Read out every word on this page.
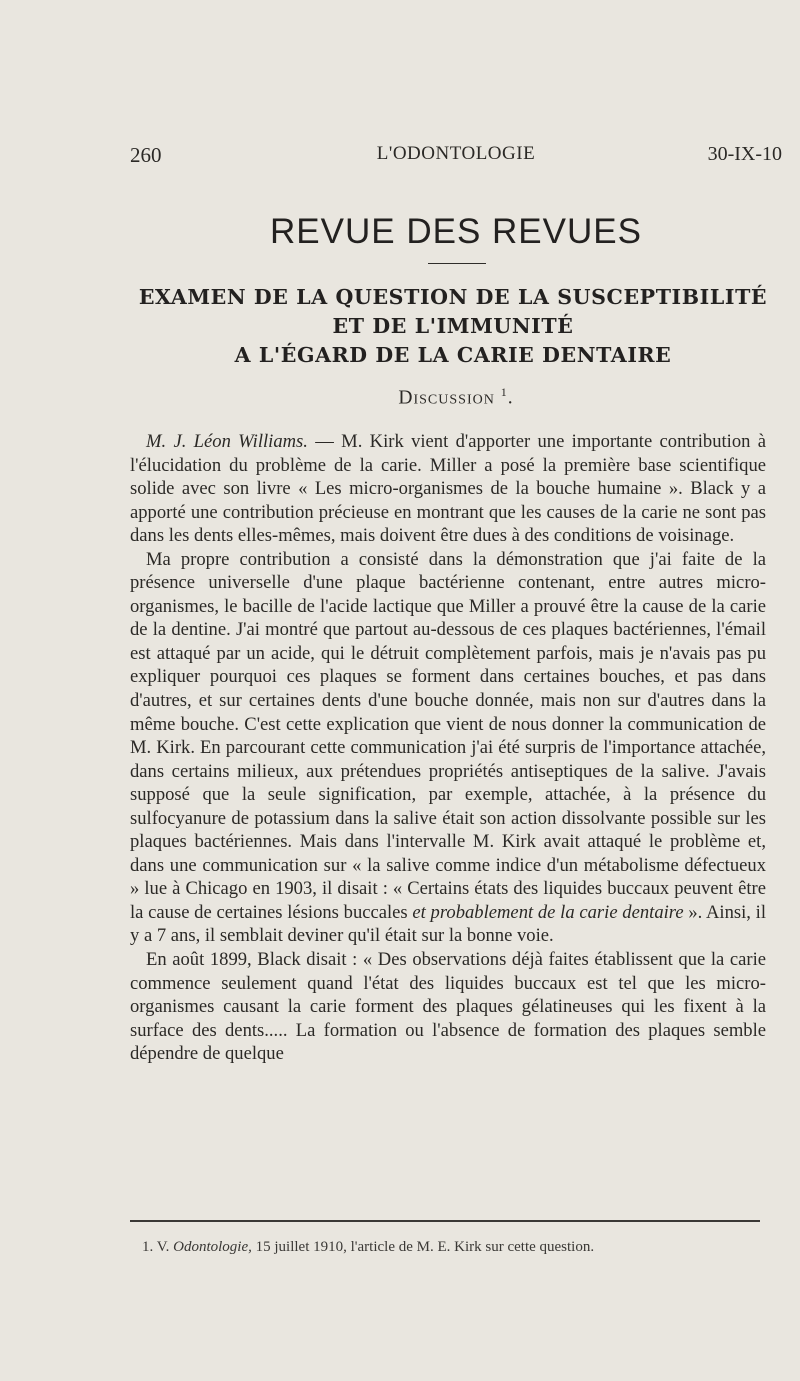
260	L'ODONTOLOGIE	30-IX-10
REVUE DES REVUES
EXAMEN DE LA QUESTION DE LA SUSCEPTIBILITÉ
ET DE L'IMMUNITÉ
A L'ÉGARD DE LA CARIE DENTAIRE
Discussion $^1$.

M. J. Léon Williams. — M. Kirk vient d'apporter une importante contribution à l'élucidation du problème de la carie. Miller a posé la première base scientifique solide avec son livre « Les micro-organismes de la bouche humaine ». Black y a apporté une contribution précieuse en montrant que les causes de la carie ne sont pas dans les dents elles-mêmes, mais doivent être dues à des conditions de voisinage.

Ma propre contribution a consisté dans la démonstration que j'ai faite de la présence universelle d'une plaque bactérienne contenant, entre autres micro-organismes, le bacille de l'acide lactique que Miller a prouvé être la cause de la carie de la dentine. J'ai montré que partout au-dessous de ces plaques bactériennes, l'émail est attaqué par un acide, qui le détruit complètement parfois, mais je n'avais pas pu expliquer pourquoi ces plaques se forment dans certaines bouches, et pas dans d'autres, et sur certaines dents d'une bouche donnée, mais non sur d'autres dans la même bouche. C'est cette explication que vient de nous donner la communication de M. Kirk. En parcourant cette communication j'ai été surpris de l'importance attachée, dans certains milieux, aux prétendues propriétés antiseptiques de la salive. J'avais supposé que la seule signification, par exemple, attachée, à la présence du sulfocyanure de potassium dans la salive était son action dissolvante possible sur les plaques bactériennes. Mais dans l'intervalle M. Kirk avait attaqué le problème et, dans une communication sur « la salive comme indice d'un métabolisme défectueux » lue à Chicago en 1903, il disait : « Certains états des liquides buccaux peuvent être la cause de certaines lésions buccales et probablement de la carie dentaire ». Ainsi, il y a 7 ans, il semblait deviner qu'il était sur la bonne voie.

En août 1899, Black disait : « Des observations déjà faites établissent que la carie commence seulement quand l'état des liquides buccaux est tel que les micro-organismes causant la carie forment des plaques gélatineuses qui les fixent à la surface des dents..... La formation ou l'absence de formation des plaques semble dépendre de quelque

1. V. Odontologie, 15 juillet 1910, l'article de M. E. Kirk sur cette question.
